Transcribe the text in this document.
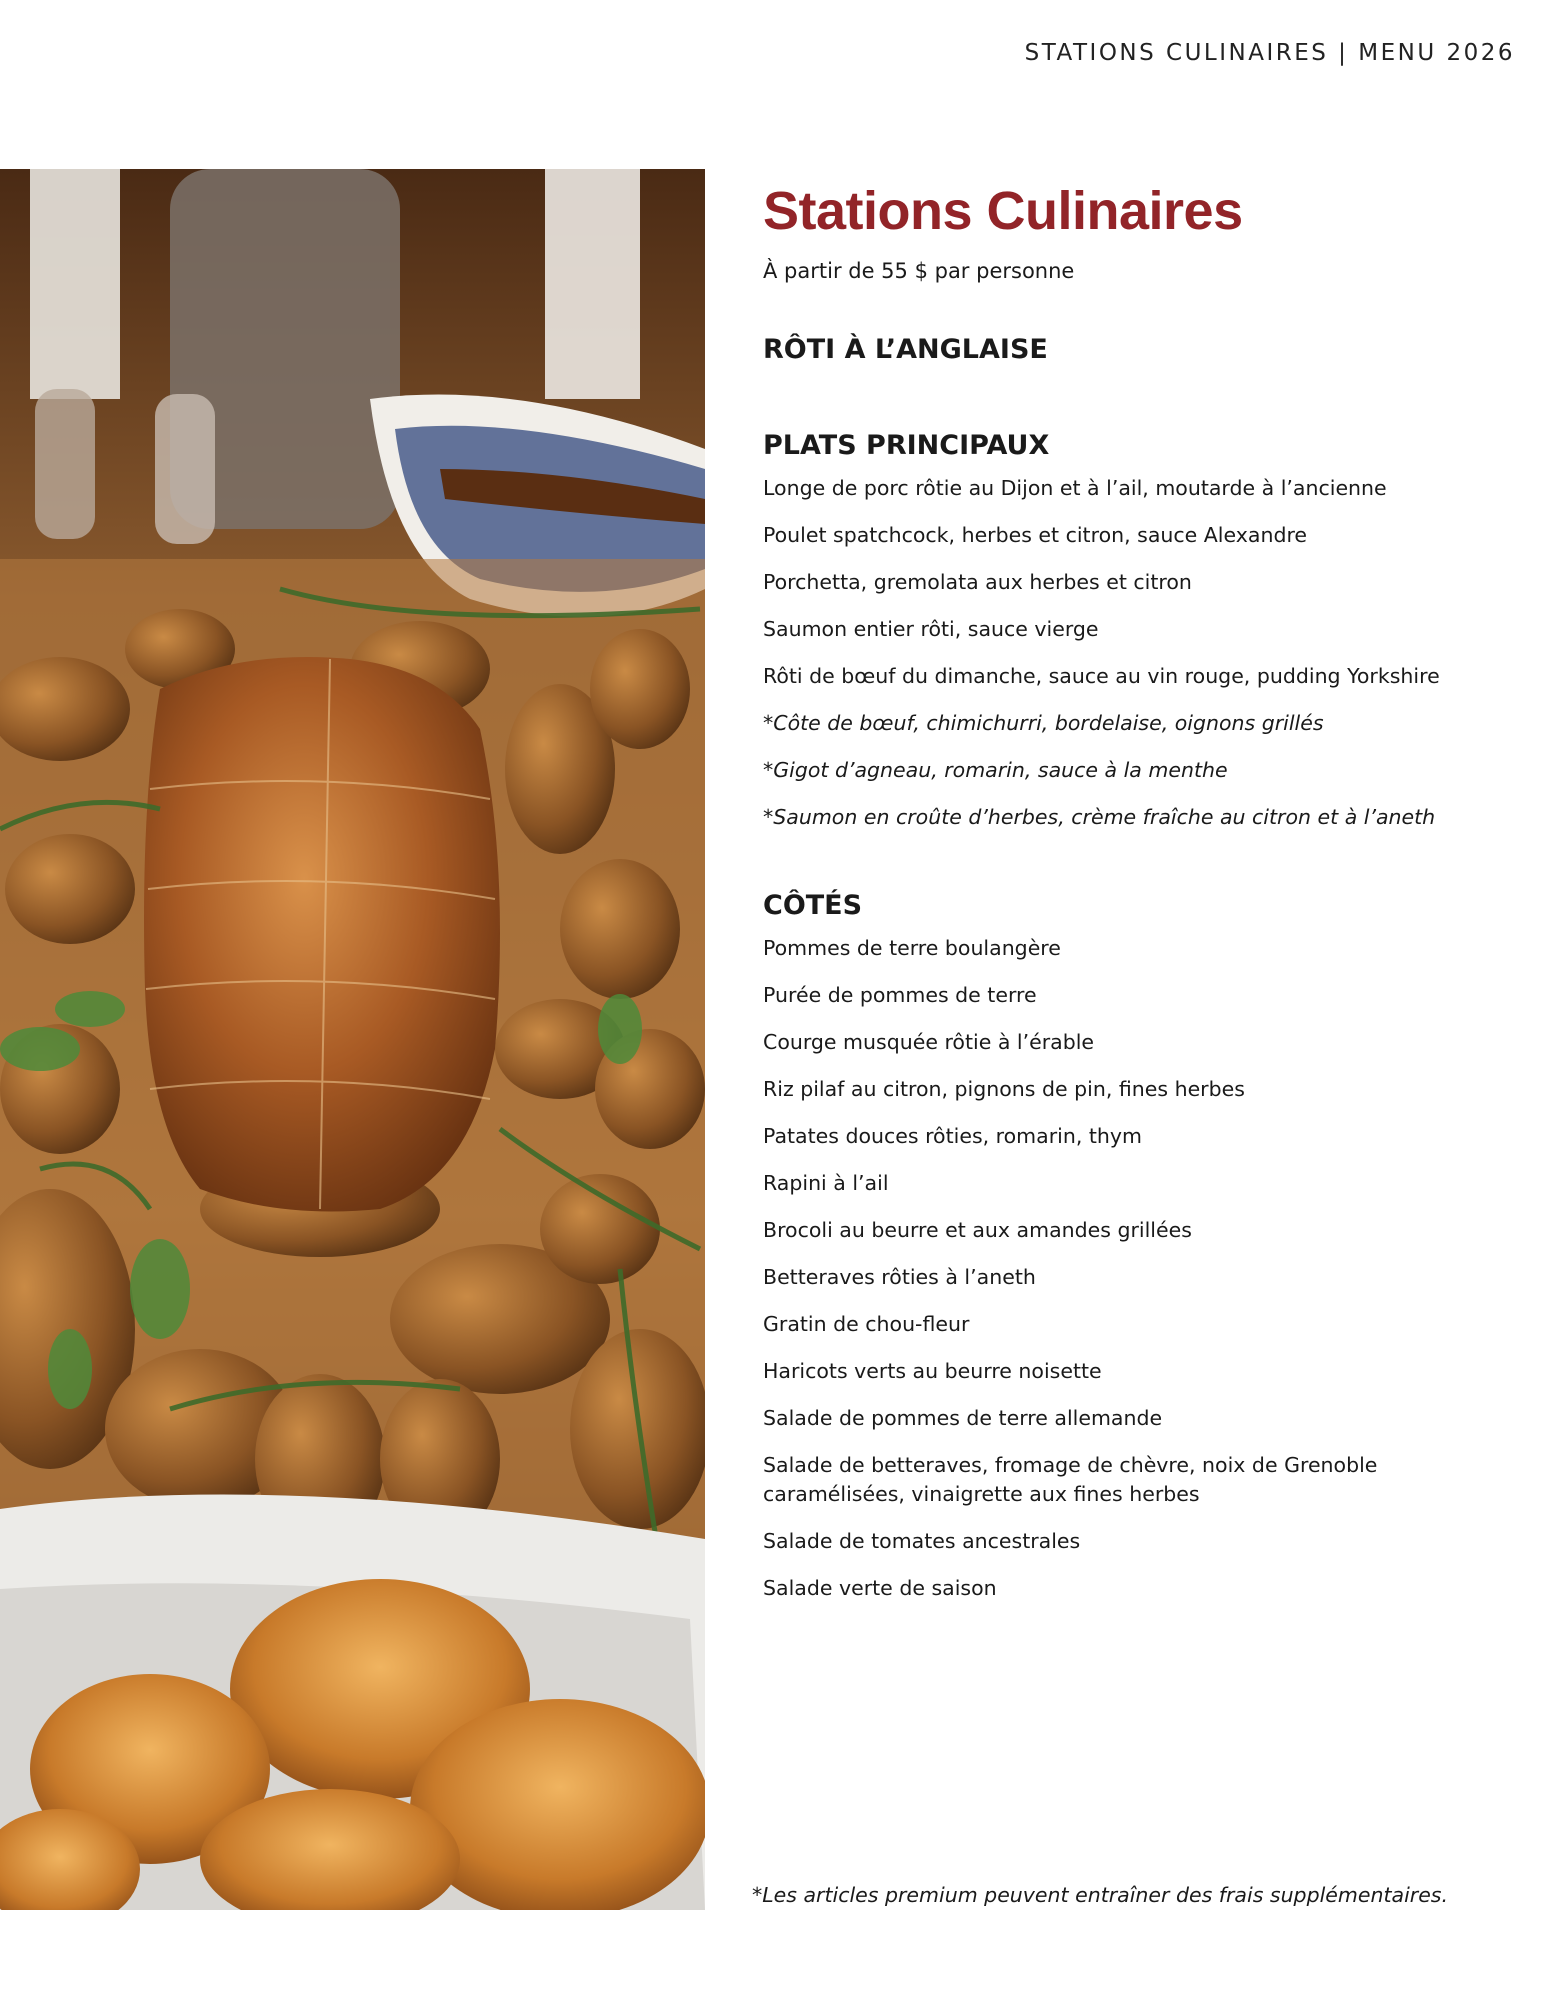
STATIONS CULINAIRES | MENU 2026
Stations Culinaires
À partir de 55 $ par personne
RÔTI À L’ANGLAISE
PLATS PRINCIPAUX
Longe de porc rôtie au Dijon et à l’ail, moutarde à l’ancienne
Poulet spatchcock, herbes et citron, sauce Alexandre
Porchetta, gremolata aux herbes et citron
Saumon entier rôti, sauce vierge
Rôti de bœuf du dimanche, sauce au vin rouge, pudding Yorkshire
*Côte de bœuf, chimichurri, bordelaise, oignons grillés
*Gigot d’agneau, romarin, sauce à la menthe
*Saumon en croûte d’herbes, crème fraîche au citron et à l’aneth
CÔTÉS
Pommes de terre boulangère
Purée de pommes de terre
Courge musquée rôtie à l’érable
Riz pilaf au citron, pignons de pin, fines herbes
Patates douces rôties, romarin, thym
Rapini à l’ail
Brocoli au beurre et aux amandes grillées
Betteraves rôties à l’aneth
Gratin de chou-fleur
Haricots verts au beurre noisette
Salade de pommes de terre allemande
Salade de betteraves, fromage de chèvre, noix de Grenoble caramélisées, vinaigrette aux fines herbes
Salade de tomates ancestrales
Salade verte de saison
*Les articles premium peuvent entraîner des frais supplémentaires.
